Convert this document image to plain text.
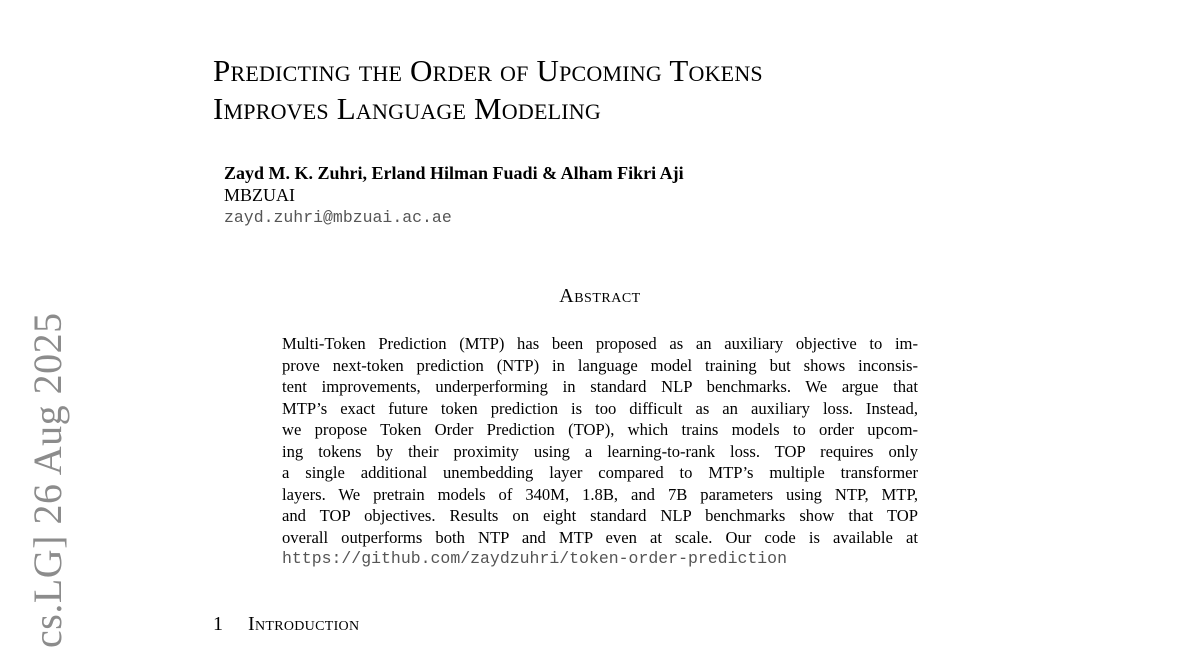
Predicting the Order of Upcoming Tokens
Improves Language Modeling
Zayd M. K. Zuhri, Erland Hilman Fuadi & Alham Fikri Aji
MBZUAI
zayd.zuhri@mbzuai.ac.ae
Abstract
Multi-Token Prediction (MTP) has been proposed as an auxiliary objective to im-
prove next-token prediction (NTP) in language model training but shows inconsis-
tent improvements, underperforming in standard NLP benchmarks. We argue that
MTP’s exact future token prediction is too difficult as an auxiliary loss. Instead,
we propose Token Order Prediction (TOP), which trains models to order upcom-
ing tokens by their proximity using a learning-to-rank loss. TOP requires only
a single additional unembedding layer compared to MTP’s multiple transformer
layers. We pretrain models of 340M, 1.8B, and 7B parameters using NTP, MTP,
and TOP objectives. Results on eight standard NLP benchmarks show that TOP
overall outperforms both NTP and MTP even at scale. Our code is available at
https://github.com/zaydzuhri/token-order-prediction
1 Introduction
cs.LG] 26 Aug 2025
